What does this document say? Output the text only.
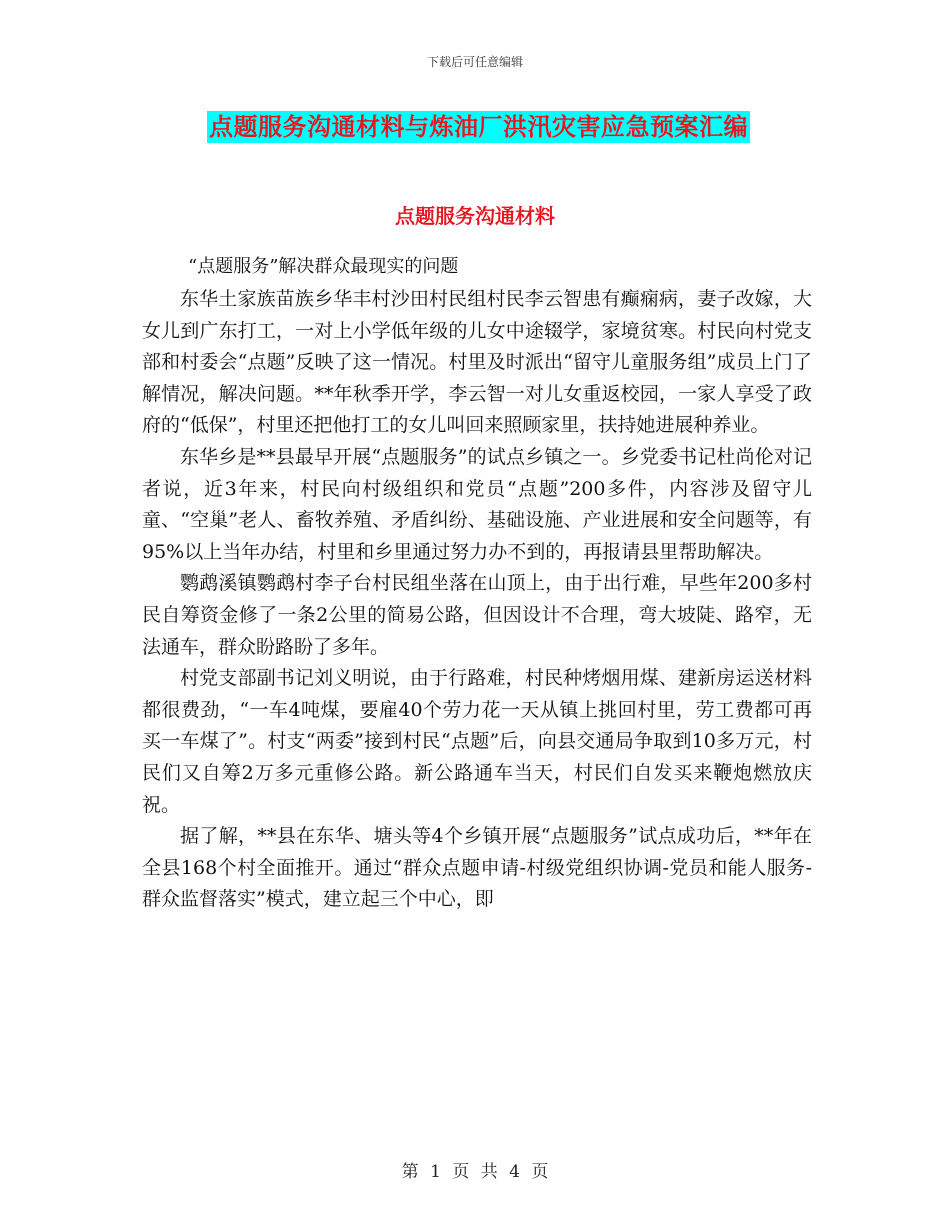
下载后可任意编辑
点题服务沟通材料与炼油厂洪汛灾害应急预案汇编
点题服务沟通材料
“点题服务”解决群众最现实的问题

东华土家族苗族乡华丰村沙田村民组村民李云智患有癫痫病，妻子改嫁，大女儿到广东打工，一对上小学低年级的儿女中途辍学，家境贫寒。村民向村党支部和村委会“点题”反映了这一情况。村里及时派出“留守儿童服务组”成员上门了解情况，解决问题。**年秋季开学，李云智一对儿女重返校园，一家人享受了政府的“低保”，村里还把他打工的女儿叫回来照顾家里，扶持她进展种养业。

东华乡是**县最早开展“点题服务”的试点乡镇之一。乡党委书记杜尚伦对记者说，近3年来，村民向村级组织和党员“点题”200多件，内容涉及留守儿童、“空巢”老人、畜牧养殖、矛盾纠纷、基础设施、产业进展和安全问题等，有95%以上当年办结，村里和乡里通过努力办不到的，再报请县里帮助解决。

鹦鹉溪镇鹦鹉村李子台村民组坐落在山顶上，由于出行难，早些年200多村民自筹资金修了一条2公里的简易公路，但因设计不合理，弯大坡陡、路窄，无法通车，群众盼路盼了多年。

村党支部副书记刘义明说，由于行路难，村民种烤烟用煤、建新房运送材料都很费劲，“一车4吨煤，要雇40个劳力花一天从镇上挑回村里，劳工费都可再买一车煤了”。村支“两委”接到村民“点题”后，向县交通局争取到10多万元，村民们又自筹2万多元重修公路。新公路通车当天，村民们自发买来鞭炮燃放庆祝。

据了解，**县在东华、塘头等4个乡镇开展“点题服务”试点成功后，**年在全县168个村全面推开。通过“群众点题申请-村级党组织协调-党员和能人服务-群众监督落实”模式，建立起三个中心，即

第 1 页 共 4 页
